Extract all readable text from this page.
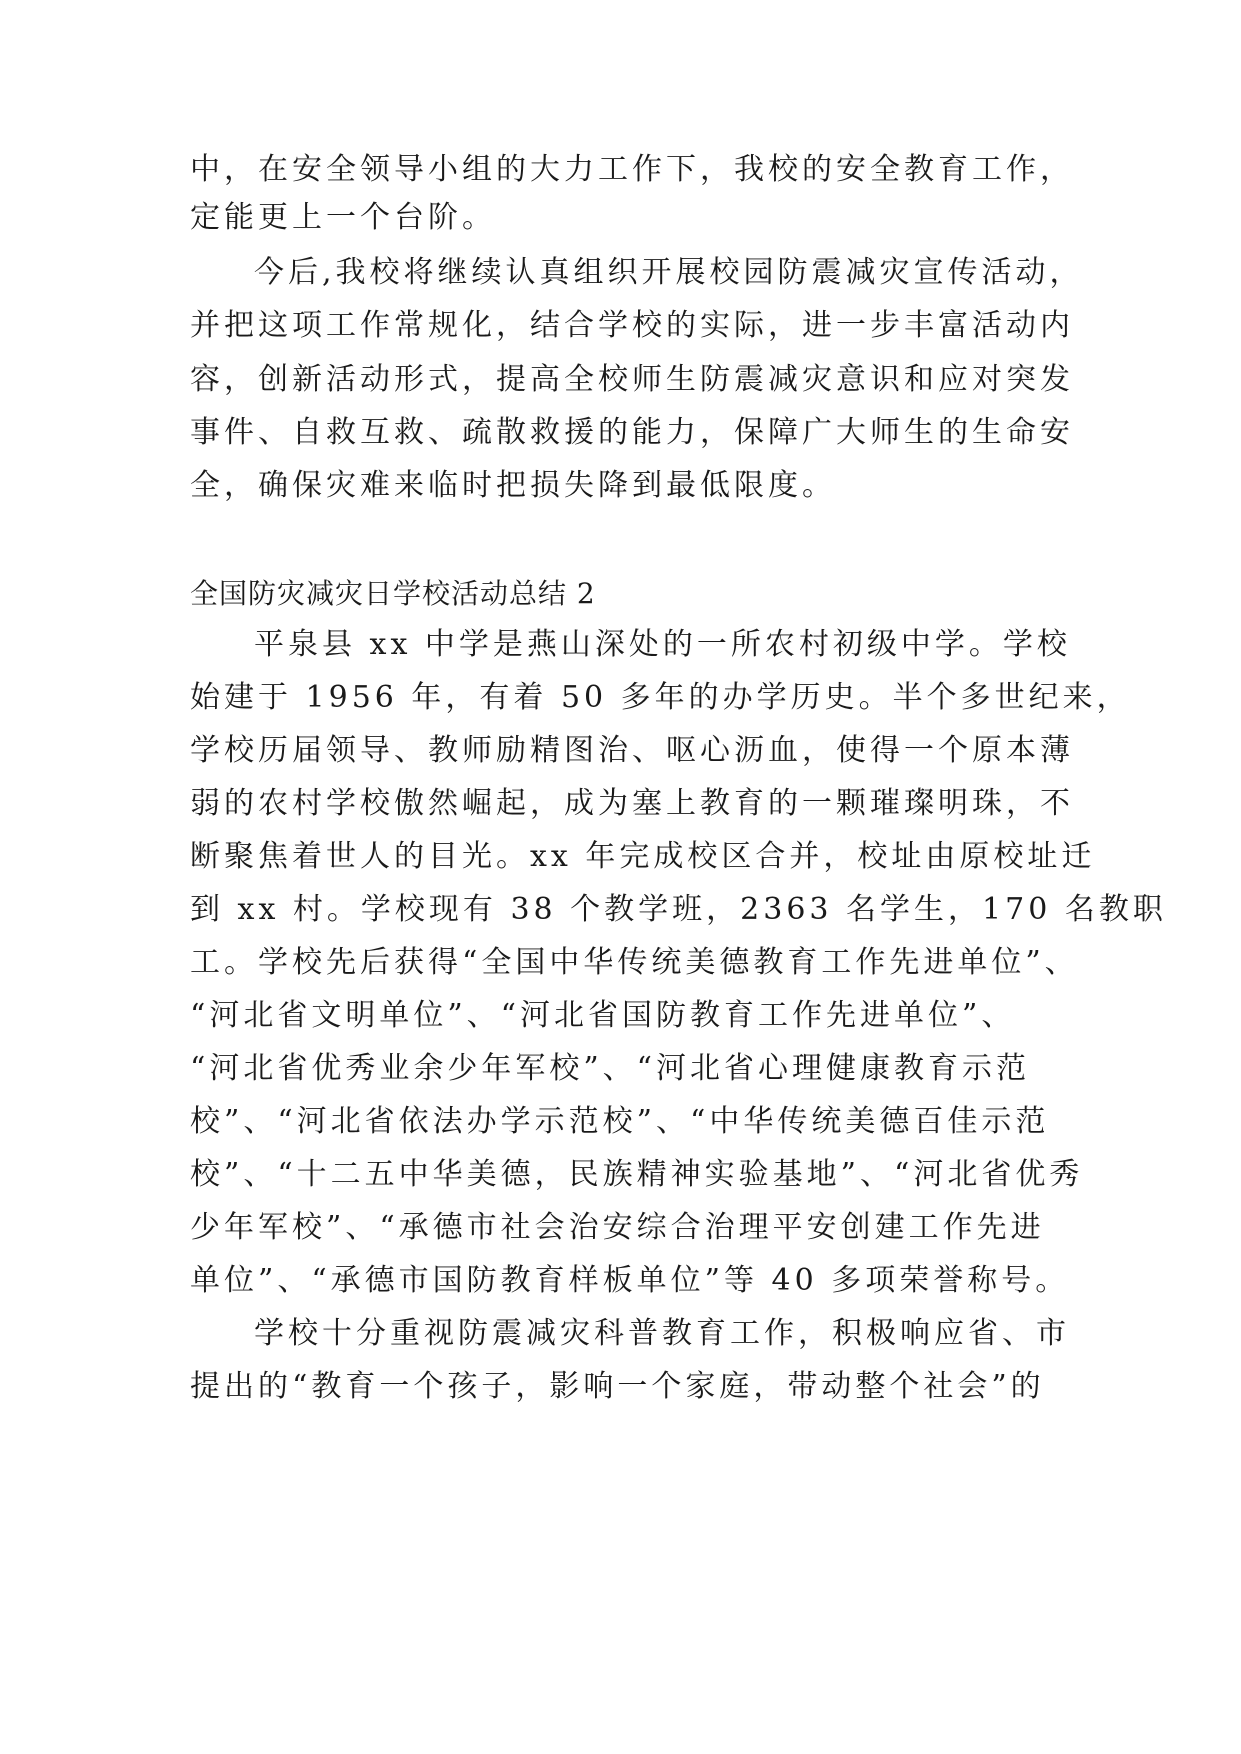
中，在安全领导小组的大力工作下，我校的安全教育工作，
定能更上一个台阶。
今后,我校将继续认真组织开展校园防震减灾宣传活动，
并把这项工作常规化，结合学校的实际，进一步丰富活动内
容，创新活动形式，提高全校师生防震减灾意识和应对突发
事件、自救互救、疏散救援的能力，保障广大师生的生命安
全，确保灾难来临时把损失降到最低限度。
全国防灾减灾日学校活动总结 2
平泉县 xx 中学是燕山深处的一所农村初级中学。学校
始建于 1956 年，有着 50 多年的办学历史。半个多世纪来，
学校历届领导、教师励精图治、呕心沥血，使得一个原本薄
弱的农村学校傲然崛起，成为塞上教育的一颗璀璨明珠，不
断聚焦着世人的目光。xx 年完成校区合并，校址由原校址迁
到 xx 村。学校现有 38 个教学班，2363 名学生，170 名教职
工。学校先后获得“全国中华传统美德教育工作先进单位”、
“河北省文明单位”、“河北省国防教育工作先进单位”、
“河北省优秀业余少年军校”、“河北省心理健康教育示范
校”、“河北省依法办学示范校”、“中华传统美德百佳示范
校”、“十二五中华美德，民族精神实验基地”、“河北省优秀
少年军校”、“承德市社会治安综合治理平安创建工作先进
单位”、“承德市国防教育样板单位”等 40 多项荣誉称号。
学校十分重视防震减灾科普教育工作，积极响应省、市
提出的“教育一个孩子，影响一个家庭，带动整个社会”的
